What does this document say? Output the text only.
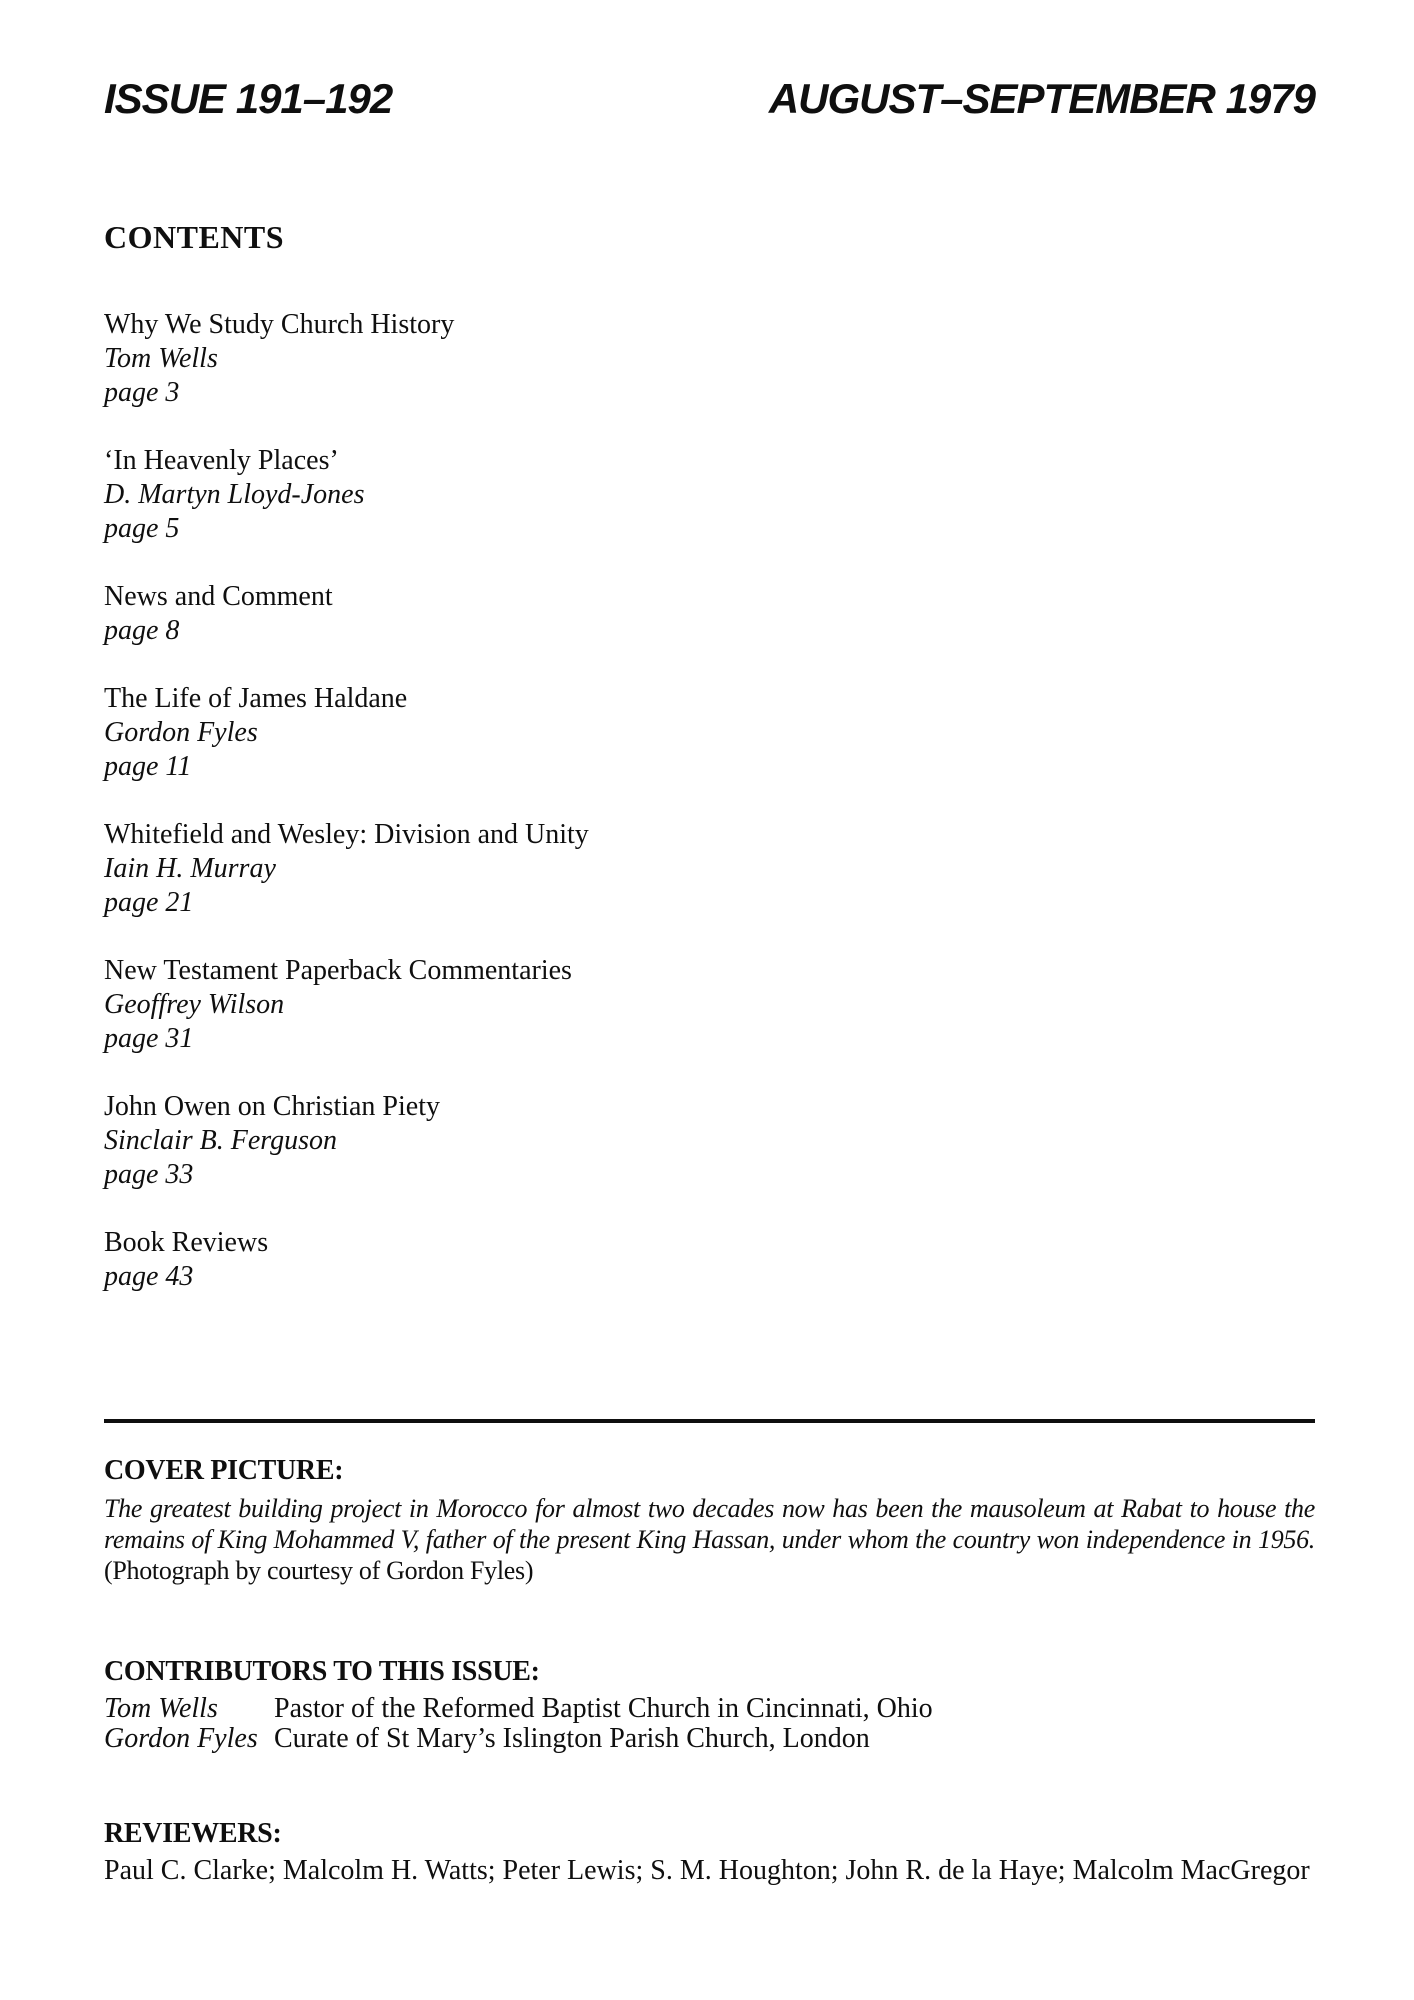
ISSUE 191–192	AUGUST–SEPTEMBER 1979
CONTENTS
Why We Study Church History
Tom Wells
page 3
‘In Heavenly Places’
D. Martyn Lloyd-Jones
page 5
News and Comment
page 8
The Life of James Haldane
Gordon Fyles
page 11
Whitefield and Wesley: Division and Unity
Iain H. Murray
page 21
New Testament Paperback Commentaries
Geoffrey Wilson
page 31
John Owen on Christian Piety
Sinclair B. Ferguson
page 33
Book Reviews
page 43
COVER PICTURE:
The greatest building project in Morocco for almost two decades now has been the mausoleum at Rabat to house the remains of King Mohammed V, father of the present King Hassan, under whom the country won independence in 1956. (Photograph by courtesy of Gordon Fyles)
CONTRIBUTORS TO THIS ISSUE:
Tom Wells	Pastor of the Reformed Baptist Church in Cincinnati, Ohio
Gordon Fyles Curate of St Mary’s Islington Parish Church, London
REVIEWERS:
Paul C. Clarke; Malcolm H. Watts; Peter Lewis; S. M. Houghton; John R. de la Haye; Malcolm MacGregor
